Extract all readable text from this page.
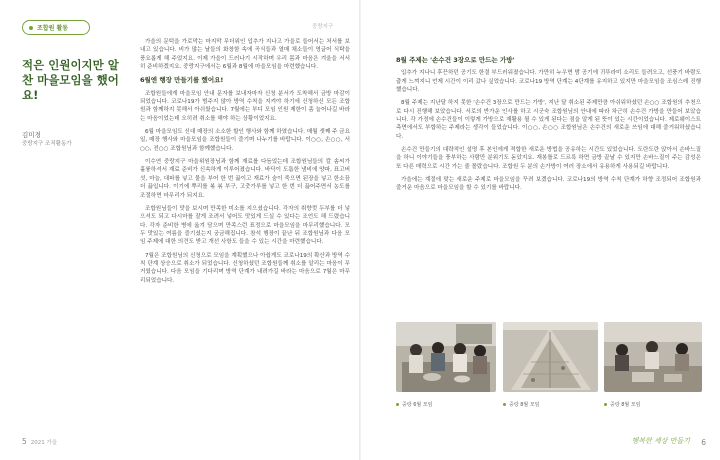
조합원 활동
적은 인원이지만 알찬 마을모임을 했어요!
김미경
중랑지구 조직활동가

가을의 문턱을 가로막는 마지막 무더위인 입추가 지나고 가을로 들어서는 처서를 보내고 있습니다. 비가 많는 날들의 화창함 속에 곡식들과 열매 채소들이 영글어 식탁을 풍요롭게 해 주었지요. 이제 가을이 드러나기 시작하며 우리 몸과 마음은 겨울을 서서히 준비하겠지요. 중랑지구에서는 6월과 8월에 마을모임을 마련했습니다.

6월엔 행장 만들기를 했어요!

조합원들에게 마을모임 안내 문자를 보내자마자 신청 분서가 도착해서 금방 마감이 되었습니다. 코로나19가 범주지 않아 방역 수칙을 지켜야 하기에 신청하신 모든 조합원과 함께하지 못해서 아쉬웠습니다. 7월에는 부디 모임 인원 제한이 좀 늘어나길 바라는 마음이었는데 오히려 취소를 해야 하는 상황이었지요.

6월 마을모임도 신대 매장의 소소한 할인 행사와 함께 하였습니다. 매월 셋째 주 금요일, 매장 행사와 마을모임을 조합원들이 즐기며 나누기를 바랍니다. 이○○, 손○○, 서○○, 전○○ 조합원님과 함께했습니다.

이수연 중랑지구 마을위원장님과 함께 재료를 다듬었는데 조합원님들의 칼 솜씨가 훌륭하셔서 재료 준비가 신속하게 이루어졌습니다. 바닥이 도톰한 냄비에 양파, 표고버섯, 마늘, 대파를 넣고 물을 부어 한 번 끓이고 재료가 숨이 죽으면 된장을 넣고 한소끔 더 끓입니다. 이기에 뿌리를 볶 볶 부구, 고춧가루를 넣고 한 번 더 끓어주면서 농도를 조절하면 마무리가 되지요.

조합원님들이 맛을 보시며 만족한 미소를 지으셨습니다. 각자의 취향껏 두부를 더 넣으셔도 되고 다시마를 잘게 조려서 넣어도 맛있게 드실 수 있다는 조언도 해 드렸습니다. 각자 준비한 병에 옮겨 담으며 만족스런 표정으로 마을모임을 마무리했습니다. 모두 맛있는 여름을 즐기셨는지 궁금해집니다. 참석 행장이 끝난 뒤 조합원님과 다음 모임 주제에 대한 의견도 받고 개선 사항도 들을 수 있는 시간을 마련했습니다.

7월은 조합원님의 신청으로 모임을 계획했으나 아쉽게도 코로나19의 확산과 방역 수칙 단계 상승으로 취소가 되었습니다. 신청하셨던 조합원들께 취소를 알리는 마음이 무거웠습니다. 다음 모임을 기다리며 방역 단계가 내려가길 바라는 마음으로 7월은 마무리되었습니다.

5 2021 가을
중랑지구
8월 주제는 '손수건 3장으로 만드는 가방'

입추가 지나니 후끈하던 공기도 한결 부드러워졌습니다. 가만히 누우면 밤 공기에 귀뚜라미 소리도 들려오고, 선풍기 바람도 춥게 느껴지니 언제 시간이 이리 갔나 싶었습니다. 코로나19 방역 단계는 4단계를 유지하고 있지만 마을모임을 조심스레 진행했습니다.

8월 주제는 지난달 하지 못한 '손수건 3장으로 만드는 가방', 지난 달 취소된 주제만큼 아쉬워하셨던 손○○ 조합원의 추천으로 다시 진행해 보았습니다. 서로의 반가운 인사를 하고 시군숙 조합원님의 안내에 따라 차근히 손수건 가방을 만들어 보았습니다. 각 가정에 손수건들이 이렇게 가방으로 재활용 될 수 있게 된다는 점을 알게 된 뜻이 있는 시간이었습니다. 제로웨이스트 측면에서도 부합하는 주제라는 생각이 들었습니다. 이○○, 손○○ 조합원님은 손수건의 새로운 쓰임에 대해 즐거워하셨습니다.

손수건 만들기의 대략적인 설명 후 본인에게 적합한 새로운 방법을 공유하는 시간도 있었습니다. 도란도란 앉아서 손바느질을 하니 이야기들을 풍부하는 사람만 분위기도 돋았지요. 재봉틀로 드르륵 하면 금방 끝날 수 있지만 손바느질이 주는 감성은 또 다른 매력으로 시간 가는 줄 몰랐습니다. 조합원 두 분의 손가방이 여러 장소에서 유용하게 사용되길 바랍니다.

가을에는 계절에 맞는 새로운 주제로 마을모임을 꾸려 보겠습니다. 코로나19의 방역 수칙 단계가 하향 조정되어 조합원과 즐거운 마음으로 마을모임을 할 수 있기를 바랍니다.

중랑 6월 모임	중랑 8월 모임	중랑 8월 모임
행복한 세상 만들기 6
